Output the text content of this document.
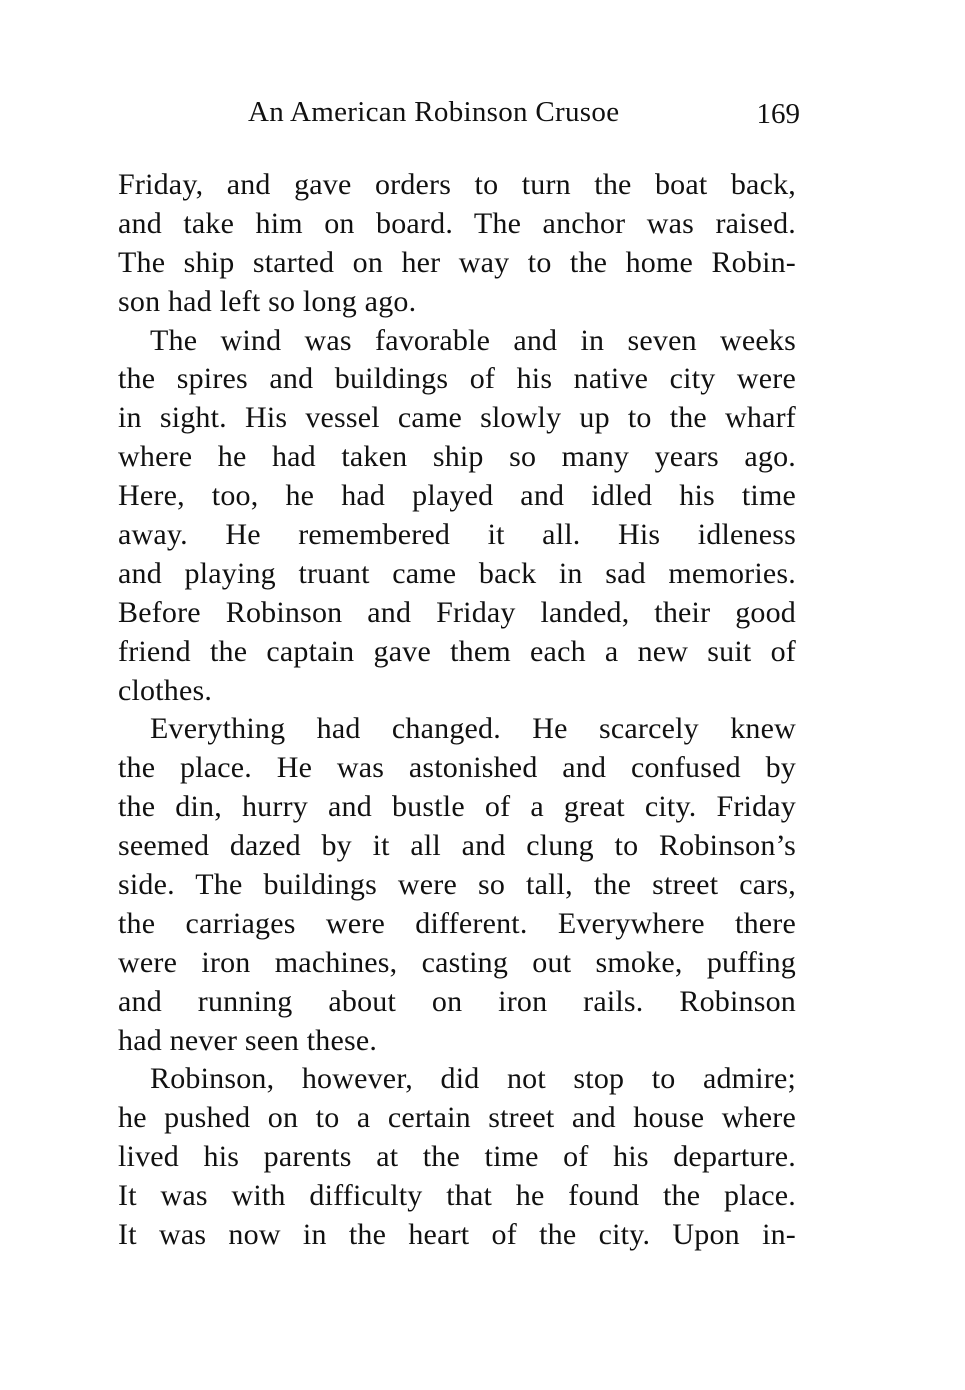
An American Robinson Crusoe	169
Friday, and gave orders to turn the boat back,
and take him on board. The anchor was raised.
The ship started on her way to the home Robin-
son had left so long ago.
The wind was favorable and in seven weeks
the spires and buildings of his native city were
in sight. His vessel came slowly up to the wharf
where he had taken ship so many years ago.
Here, too, he had played and idled his time
away. He remembered it all. His idleness
and playing truant came back in sad memories.
Before Robinson and Friday landed, their good
friend the captain gave them each a new suit of
clothes.
Everything had changed. He scarcely knew
the place. He was astonished and confused by
the din, hurry and bustle of a great city. Friday
seemed dazed by it all and clung to Robinson’s
side. The buildings were so tall, the street cars,
the carriages were different. Everywhere there
were iron machines, casting out smoke, puffing
and running about on iron rails. Robinson
had never seen these.
Robinson, however, did not stop to admire;
he pushed on to a certain street and house where
lived his parents at the time of his departure.
It was with difficulty that he found the place.
It was now in the heart of the city. Upon in-
